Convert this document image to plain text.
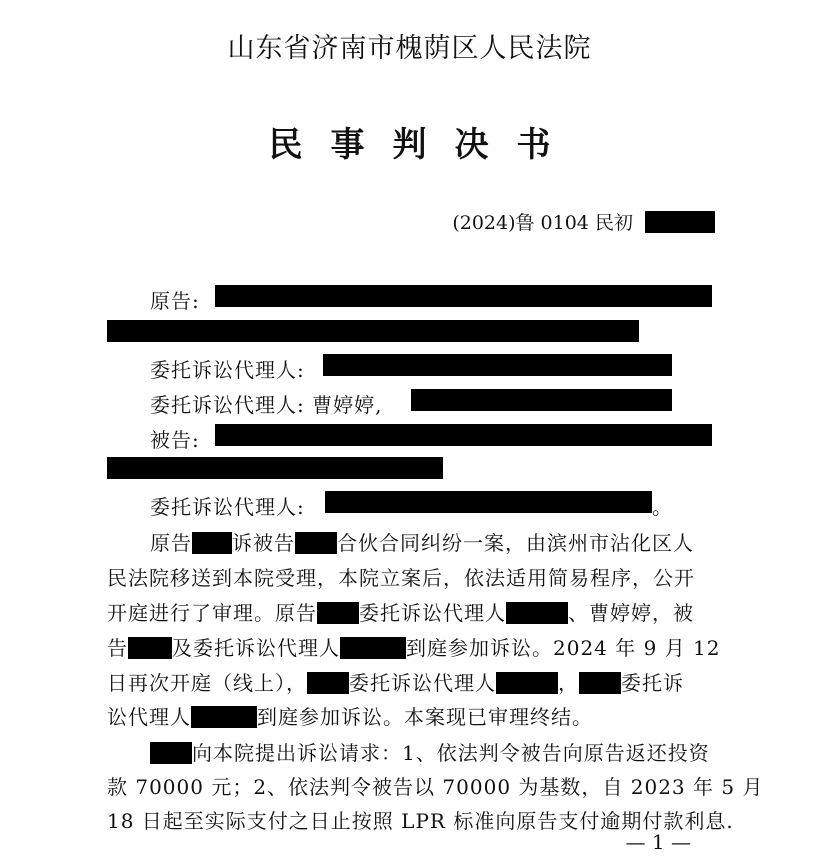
山东省济南市槐荫区人民法院
民事判决书
(2024)鲁 0104 民初
原告:
委托诉讼代理人:
委托诉讼代理人: 曹婷婷,
被告:
委托诉讼代理人:	。
原告 诉被告 合伙合同纠纷一案，由滨州市沾化区人
民法院移送到本院受理，本院立案后，依法适用简易程序，公开
开庭进行了审理。原告 委托诉讼代理人	、曹婷婷，被
告 及委托诉讼代理人	到庭参加诉讼。2024 年 9 月 12
日再次开庭（线上）， 委托诉讼代理人	， 委托诉
讼代理人	到庭参加诉讼。本案现已审理终结。
向本院提出诉讼请求：1、依法判令被告向原告返还投资
款 70000 元；2、依法判令被告以 70000 为基数，自 2023 年 5 月
18 日起至实际支付之日止按照 LPR 标准向原告支付逾期付款利息.
— 1 —
